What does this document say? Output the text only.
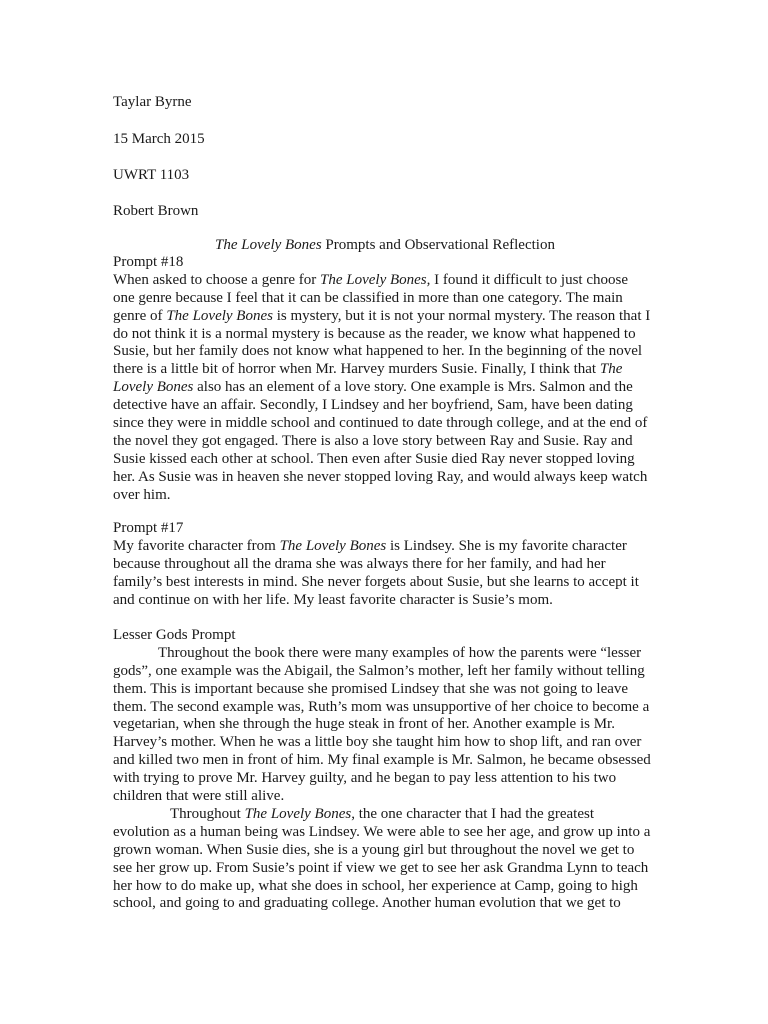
Taylar Byrne
15 March 2015
UWRT 1103
Robert Brown
The Lovely Bones Prompts and Observational Reflection
Prompt #18
When asked to choose a genre for The Lovely Bones, I found it difficult to just choose
one genre because I feel that it can be classified in more than one category. The main
genre of The Lovely Bones is mystery, but it is not your normal mystery. The reason that I
do not think it is a normal mystery is because as the reader, we know what happened to
Susie, but her family does not know what happened to her. In the beginning of the novel
there is a little bit of horror when Mr. Harvey murders Susie. Finally, I think that The
Lovely Bones also has an element of a love story. One example is Mrs. Salmon and the
detective have an affair. Secondly, I Lindsey and her boyfriend, Sam, have been dating
since they were in middle school and continued to date through college, and at the end of
the novel they got engaged. There is also a love story between Ray and Susie. Ray and
Susie kissed each other at school. Then even after Susie died Ray never stopped loving
her. As Susie was in heaven she never stopped loving Ray, and would always keep watch
over him.
Prompt #17
My favorite character from The Lovely Bones is Lindsey. She is my favorite character
because throughout all the drama she was always there for her family, and had her
family’s best interests in mind. She never forgets about Susie, but she learns to accept it
and continue on with her life. My least favorite character is Susie’s mom.
Lesser Gods Prompt
Throughout the book there were many examples of how the parents were “lesser
gods”, one example was the Abigail, the Salmon’s mother, left her family without telling
them. This is important because she promised Lindsey that she was not going to leave
them. The second example was, Ruth’s mom was unsupportive of her choice to become a
vegetarian, when she through the huge steak in front of her. Another example is Mr.
Harvey’s mother. When he was a little boy she taught him how to shop lift, and ran over
and killed two men in front of him. My final example is Mr. Salmon, he became obsessed
with trying to prove Mr. Harvey guilty, and he began to pay less attention to his two
children that were still alive.
Throughout The Lovely Bones, the one character that I had the greatest
evolution as a human being was Lindsey. We were able to see her age, and grow up into a
grown woman. When Susie dies, she is a young girl but throughout the novel we get to
see her grow up. From Susie’s point if view we get to see her ask Grandma Lynn to teach
her how to do make up, what she does in school, her experience at Camp, going to high
school, and going to and graduating college. Another human evolution that we get to
